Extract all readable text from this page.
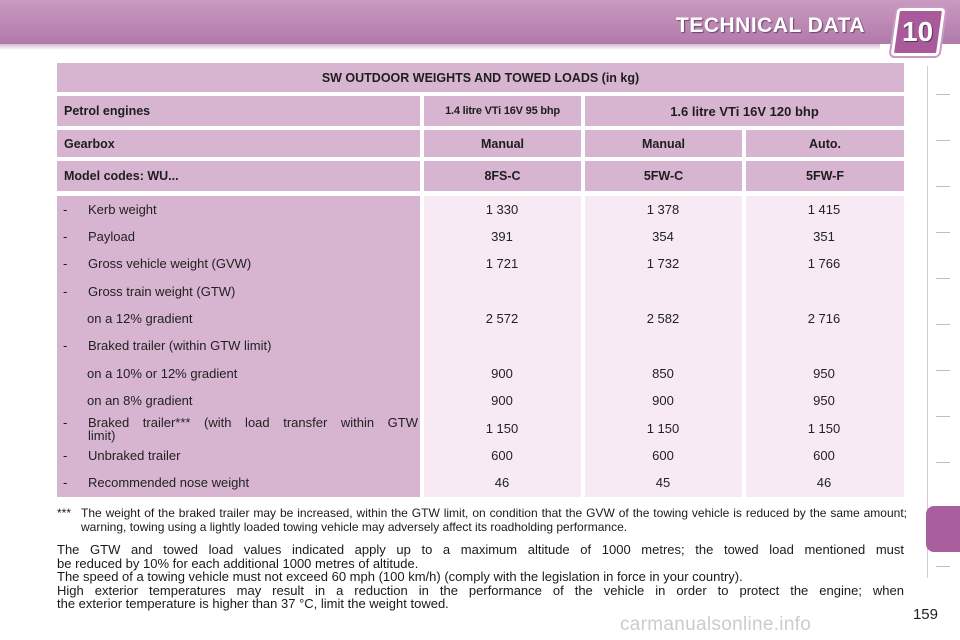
TECHNICAL DATA 10
SW OUTDOOR WEIGHTS AND TOWED LOADS (in kg)
Petrol engines	1.4 litre VTi 16V 95 bhp	1.6 litre VTi 16V 120 bhp
Gearbox	Manual	Manual	Auto.
Model codes: WU...	8FS-C	5FW-C	5FW-F
- Kerb weight	1 330	1 378	1 415
- Payload	391	354	351
- Gross vehicle weight (GVW)	1 721	1 732	1 766
- Gross train weight (GTW)
on a 12% gradient	2 572	2 582	2 716
- Braked trailer (within GTW limit)
on a 10% or 12% gradient	900	850	950
on an 8% gradient	900	900	950
- Braked trailer*** (with load transfer within GTW
limit)	1 150	1 150	1 150
- Unbraked trailer	600	600	600
- Recommended nose weight	46	45	46
*** The weight of the braked trailer may be increased, within the GTW limit, on condition that the GVW of the towing vehicle is reduced by the same amount; warning, towing using a lightly loaded towing vehicle may adversely affect its roadholding performance.
The GTW and towed load values indicated apply up to a maximum altitude of 1000 metres; the towed load mentioned must
be reduced by 10% for each additional 1000 metres of altitude.
The speed of a towing vehicle must not exceed 60 mph (100 km/h) (comply with the legislation in force in your country).
High exterior temperatures may result in a reduction in the performance of the vehicle in order to protect the engine; when
the exterior temperature is higher than 37 °C, limit the weight towed.
159
carmanualsonline.info
